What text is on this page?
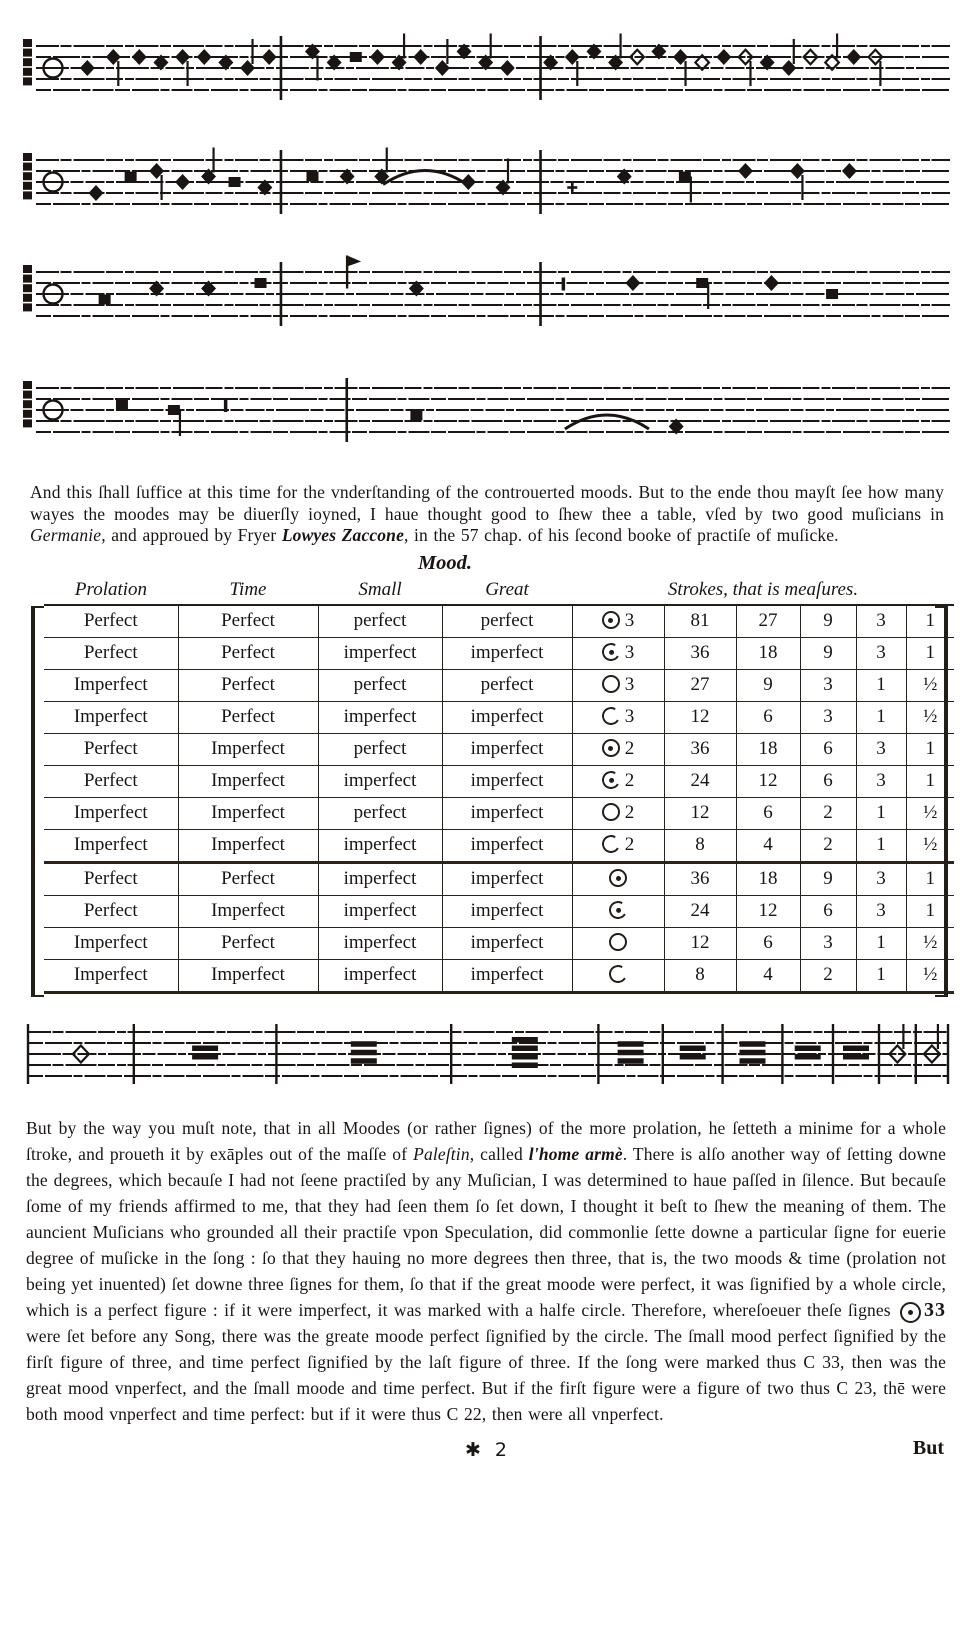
And this ſhall ſuffice at this time for the vnderſtanding of the controuerted moods. But to the ende thou mayſt ſee how many wayes the moodes may be diuerſly ioyned, I haue thought good to ſhew thee a table, vſed by two good muſicians in Germanie, and approued by Fryer Lowyes Zaccone, in the 57 chap. of his ſecond booke of practiſe of muſicke.

		Mood.							
Prolation	Time	Small	Great	Strokes, that is meaſures.					
Perfect	Perfect	perfect	perfect	3	81	27	9	3	1
Perfect	Perfect	imperfect	imperfect	3	36	18	9	3	1
Imperfect	Perfect	perfect	perfect	3	27	9	3	1	½
Imperfect	Perfect	imperfect	imperfect	3	12	6	3	1	½
Perfect	Imperfect	perfect	imperfect	2	36	18	6	3	1
Perfect	Imperfect	imperfect	imperfect	2	24	12	6	3	1
Imperfect	Imperfect	perfect	imperfect	2	12	6	2	1	½
Imperfect	Imperfect	imperfect	imperfect	2	8	4	2	1	½
Perfect	Perfect	imperfect	imperfect		36	18	9	3	1
Perfect	Imperfect	imperfect	imperfect		24	12	6	3	1
Imperfect	Perfect	imperfect	imperfect		12	6	3	1	½
Imperfect	Imperfect	imperfect	imperfect		8	4	2	1	½

But by the way you muſt note, that in all Moodes (or rather ſignes) of the more prolation, he ſetteth a minime for a whole ſtroke, and proueth it by exāples out of the maſſe of Paleſtin, called l'home armè. There is alſo another way of ſetting downe the degrees, which becauſe I had not ſeene practiſed by any Muſician, I was determined to haue paſſed in ſilence. But becauſe ſome of my friends affirmed to me, that they had ſeen them ſo ſet down, I thought it beſt to ſhew the meaning of them. The auncient Muſicians who grounded all their practiſe vpon Speculation, did commonlie ſette downe a particular ſigne for euerie degree of muſicke in the ſong : ſo that they hauing no more degrees then three, that is, the two moods & time (prolation not being yet inuented) ſet downe three ſignes for them, ſo that if the great moode were perfect, it was ſignified by a whole circle, which is a perfect figure : if it were imperfect, it was marked with a halfe circle. Therefore, whereſoeuer theſe ſignes 33 were ſet before any Song, there was the greate moode perfect ſignified by the circle. The ſmall mood perfect ſignified by the firſt figure of three, and time perfect ſignified by the laſt figure of three. If the ſong were marked thus C 33, then was the great mood vnperfect, and the ſmall moode and time perfect. But if the firſt figure were a figure of two thus C 23, thē were both mood vnperfect and time perfect: but if it were thus C 22, then were all vnperfect.

✱ 2	But
